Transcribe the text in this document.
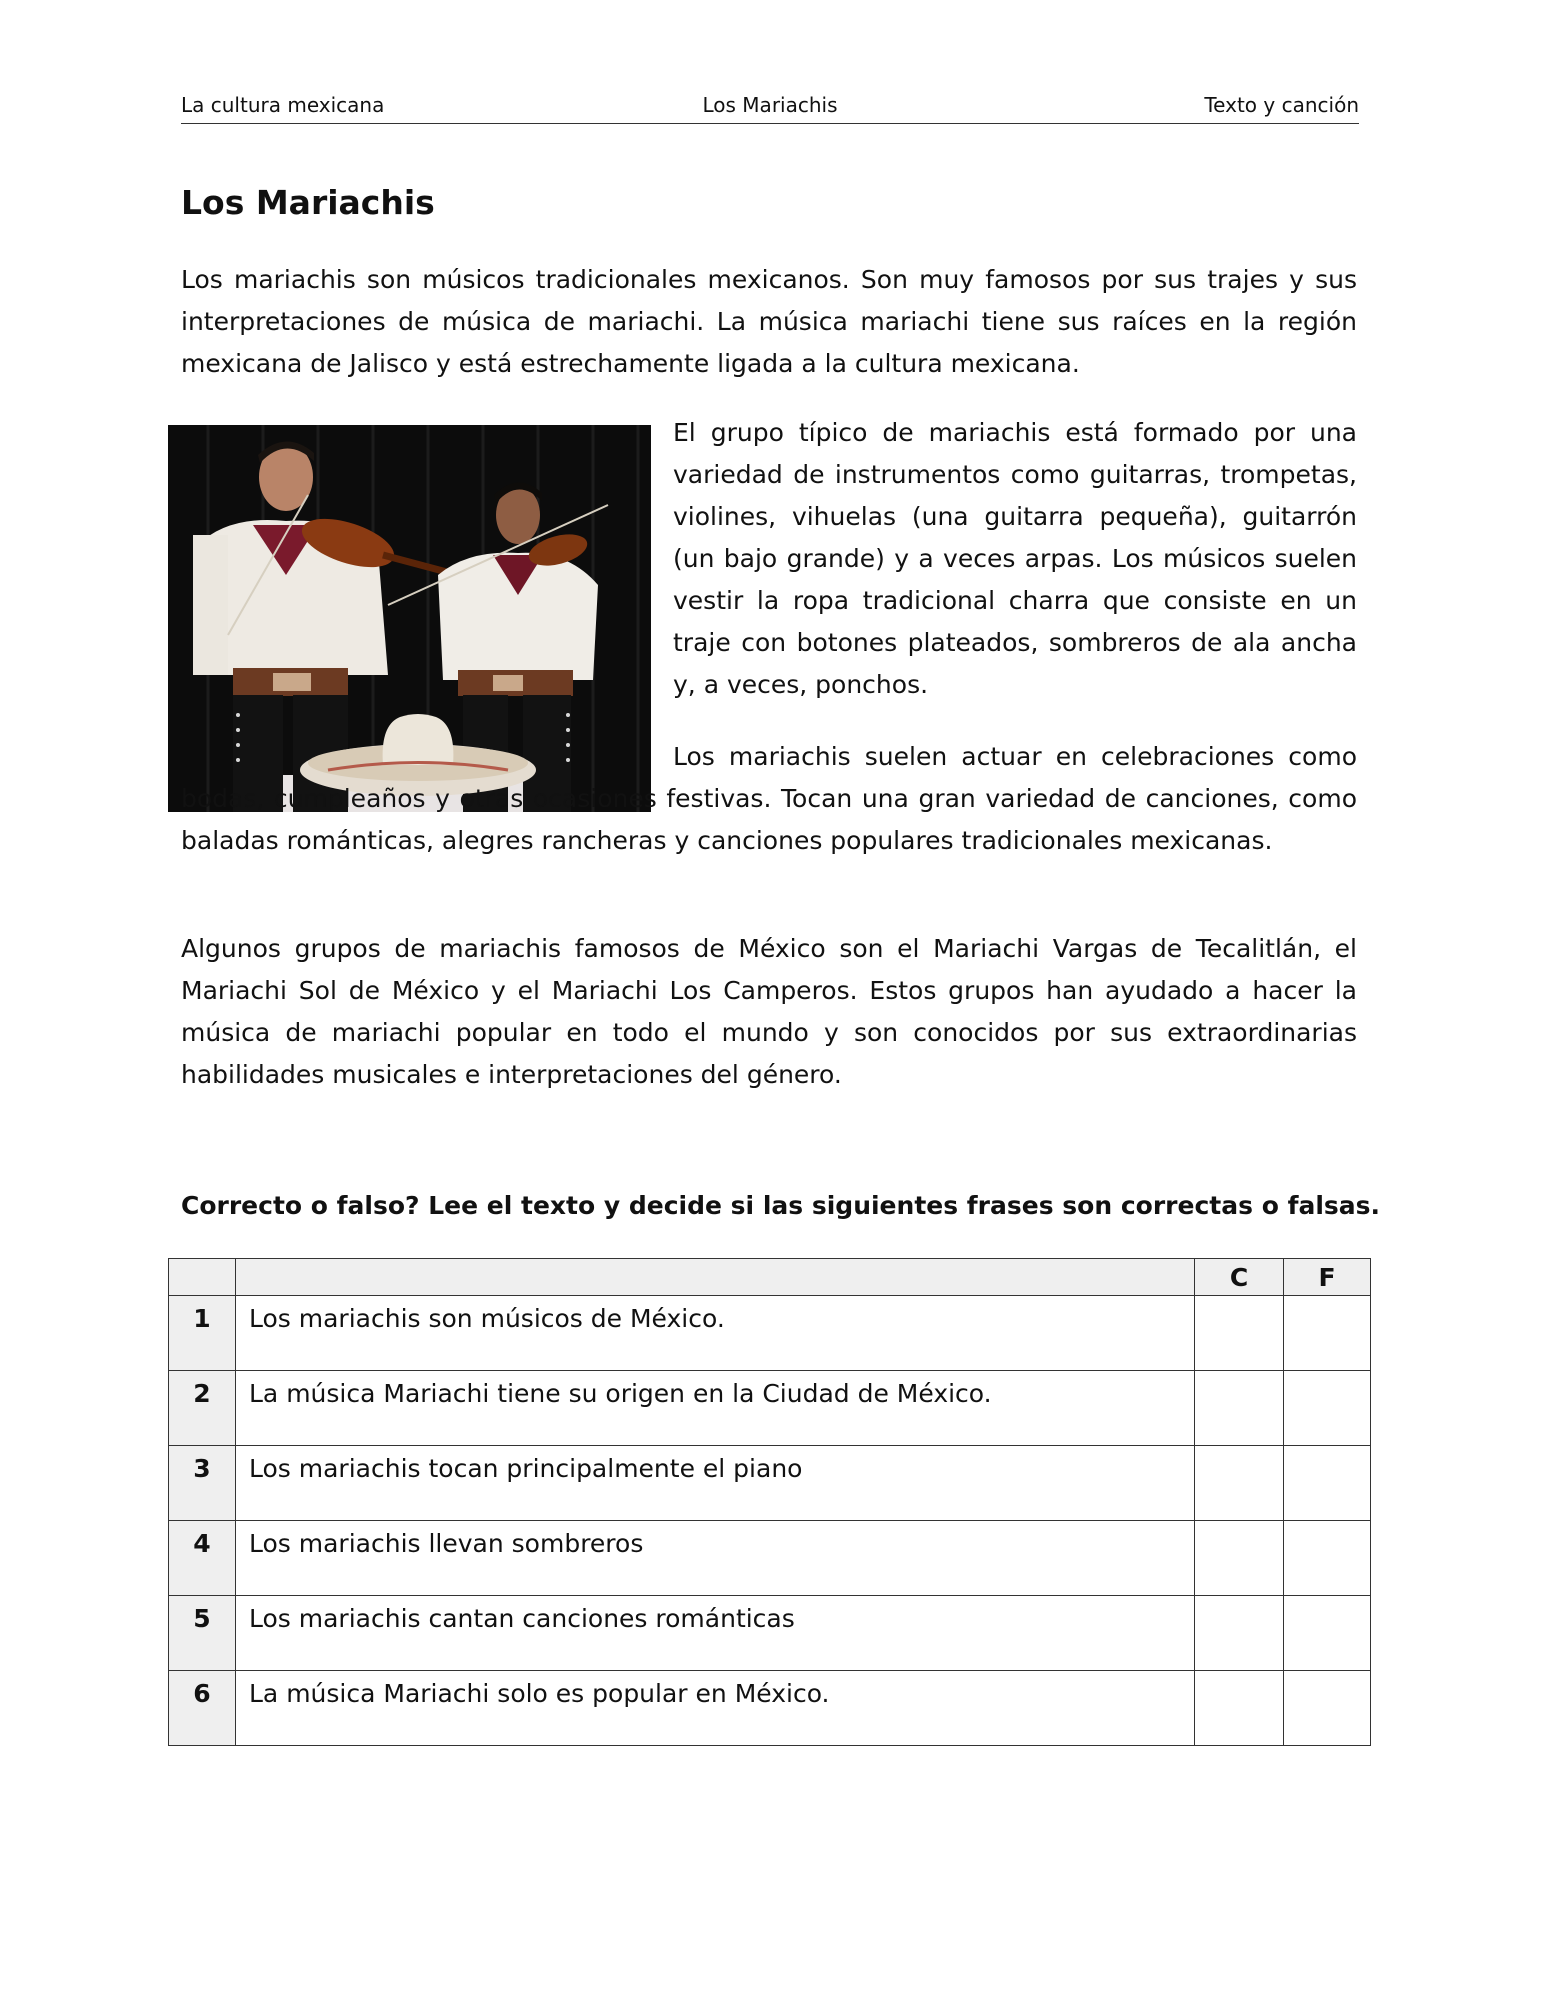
La cultura mexicana	Los Mariachis	Texto y canción
Los Mariachis

Los mariachis son músicos tradicionales mexicanos. Son muy famosos por sus trajes y sus interpretaciones de música de mariachi. La música mariachi tiene sus raíces en la región mexicana de Jalisco y está estrechamente ligada a la cultura mexicana.

El grupo típico de mariachis está formado por una variedad de instrumentos como guitarras, trompetas, violines, vihuelas (una guitarra pequeña), guitarrón (un bajo grande) y a veces arpas. Los músicos suelen vestir la ropa tradicional charra que consiste en un traje con botones plateados, sombreros de ala ancha y, a veces, ponchos.

Los mariachis suelen actuar en celebraciones como bodas, cumpleaños y otras ocasiones festivas. Tocan una gran variedad de canciones, como baladas románticas, alegres rancheras y canciones populares tradicionales mexicanas.

Algunos grupos de mariachis famosos de México son el Mariachi Vargas de Tecalitlán, el Mariachi Sol de México y el Mariachi Los Camperos. Estos grupos han ayudado a hacer la música de mariachi popular en todo el mundo y son conocidos por sus extraordinarias habilidades musicales e interpretaciones del género.

Correcto o falso? Lee el texto y decide si las siguientes frases son correctas o falsas.

		C	F
1	Los mariachis son músicos de México.		
2	La música Mariachi tiene su origen en la Ciudad de México.		
3	Los mariachis tocan principalmente el piano		
4	Los mariachis llevan sombreros		
5	Los mariachis cantan canciones románticas		
6	La música Mariachi solo es popular en México.		
